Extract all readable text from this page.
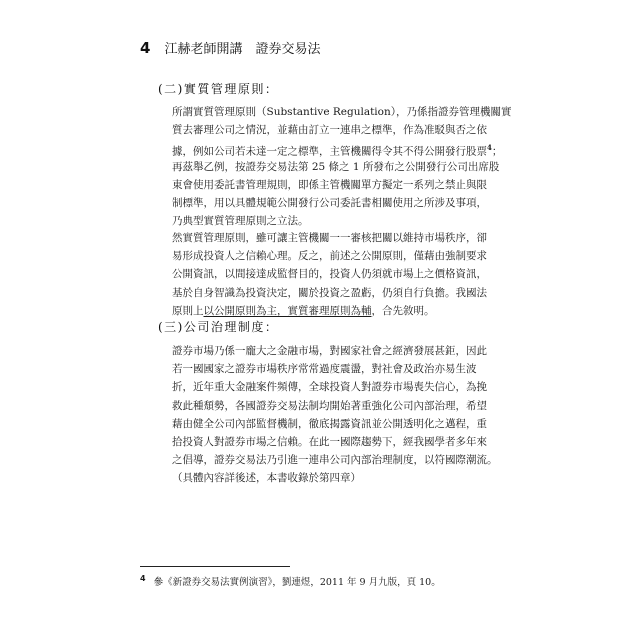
4 江赫老師開講　證券交易法
(二)實質管理原則：
所謂實質管理原則（Substantive Regulation），乃係指證券管理機關實
質去審理公司之情況，並藉由訂立一連串之標準，作為准駁與否之依
據，例如公司若未達一定之標準，主管機關得令其不得公開發行股票$^4$；
再茲舉乙例，按證券交易法第 25 條之 1 所發布之公開發行公司出席股
東會使用委託書管理規則，即係主管機關單方擬定一系列之禁止與限
制標準，用以具體規範公開發行公司委託書相關使用之所涉及事項，
乃典型實質管理原則之立法。
然實質管理原則，雖可讓主管機關一一審核把關以維持市場秩序，卻
易形成投資人之信賴心理。反之，前述之公開原則，僅藉由強制要求
公開資訊，以間接達成監督目的，投資人仍須就市場上之價格資訊，
基於自身智識為投資決定，關於投資之盈虧，仍須自行負擔。我國法
原則上以公開原則為主，實質審理原則為輔，合先敘明。
(三)公司治理制度：
證券市場乃係一龐大之金融市場，對國家社會之經濟發展甚鉅，因此
若一國國家之證券市場秩序常常過度震盪，對社會及政治亦易生波
折，近年重大金融案件頻傳，全球投資人對證券市場喪失信心，為挽
救此種頹勢，各國證券交易法制均開始著重強化公司內部治理，希望
藉由健全公司內部監督機制，徹底揭露資訊並公開透明化之邁程，重
拾投資人對證券市場之信賴。在此一國際趨勢下，經我國學者多年來
之倡導，證券交易法乃引進一連串公司內部治理制度，以符國際潮流。
（具體內容詳後述，本書收錄於第四章）
$^4$ 參《新證券交易法實例演習》，劉連煜，2011 年 9 月九版，頁 10。
